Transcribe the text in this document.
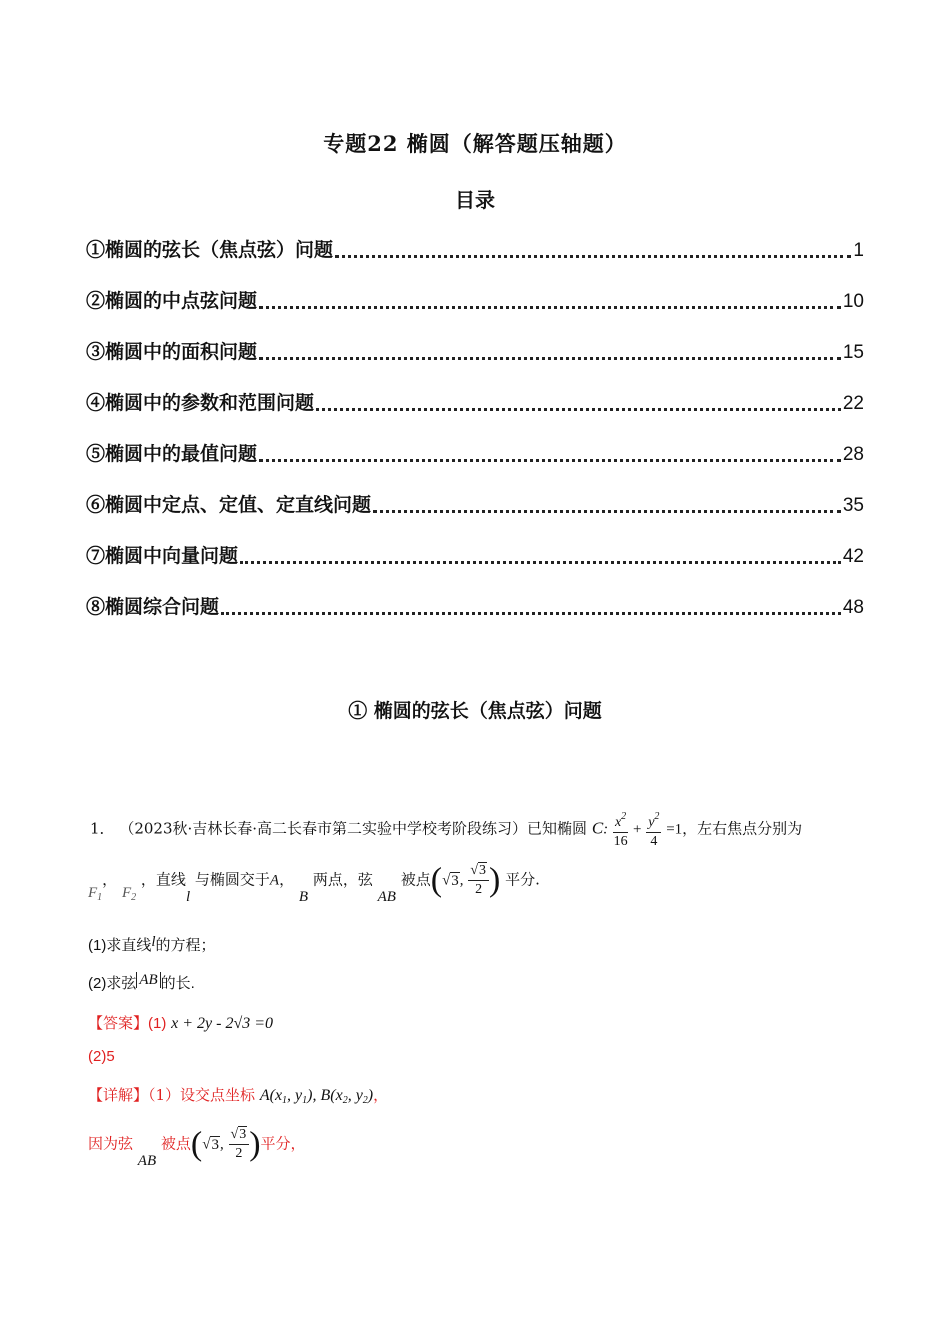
专题22 椭圆（解答题压轴题）
目录
①椭圆的弦长（焦点弦）问题	1
②椭圆的中点弦问题	10
③椭圆中的面积问题	15
④椭圆中的参数和范围问题	22
⑤椭圆中的最值问题	28
⑥椭圆中定点、定值、定直线问题	35
⑦椭圆中向量问题	42
⑧椭圆综合问题	48
① 椭圆的弦长（焦点弦）问题
1． （2023秋·吉林长春·高二长春市第二实验中学校考阶段练习）已知椭圆 C: $\frac{x^2}{16} + \frac{y^2}{4} =1$，左右焦点分别为
$F_1$， $F_2$ ，直线l 与椭圆交于A， B 两点，弦 AB 被点(√3, $\frac{√3}{2}$ ) 平分.
(1)求直线l的方程；
(2)求弦 AB 的长.
【答案】(1) x + 2y - 2√3 =0
(2)5
【详解】（1）设交点坐标 $A(x_1$, $y_1$), $B(x_2$, $y_2$)，
因为弦 AB 被点(√3, $\frac{√3}{2}$ )平分，
